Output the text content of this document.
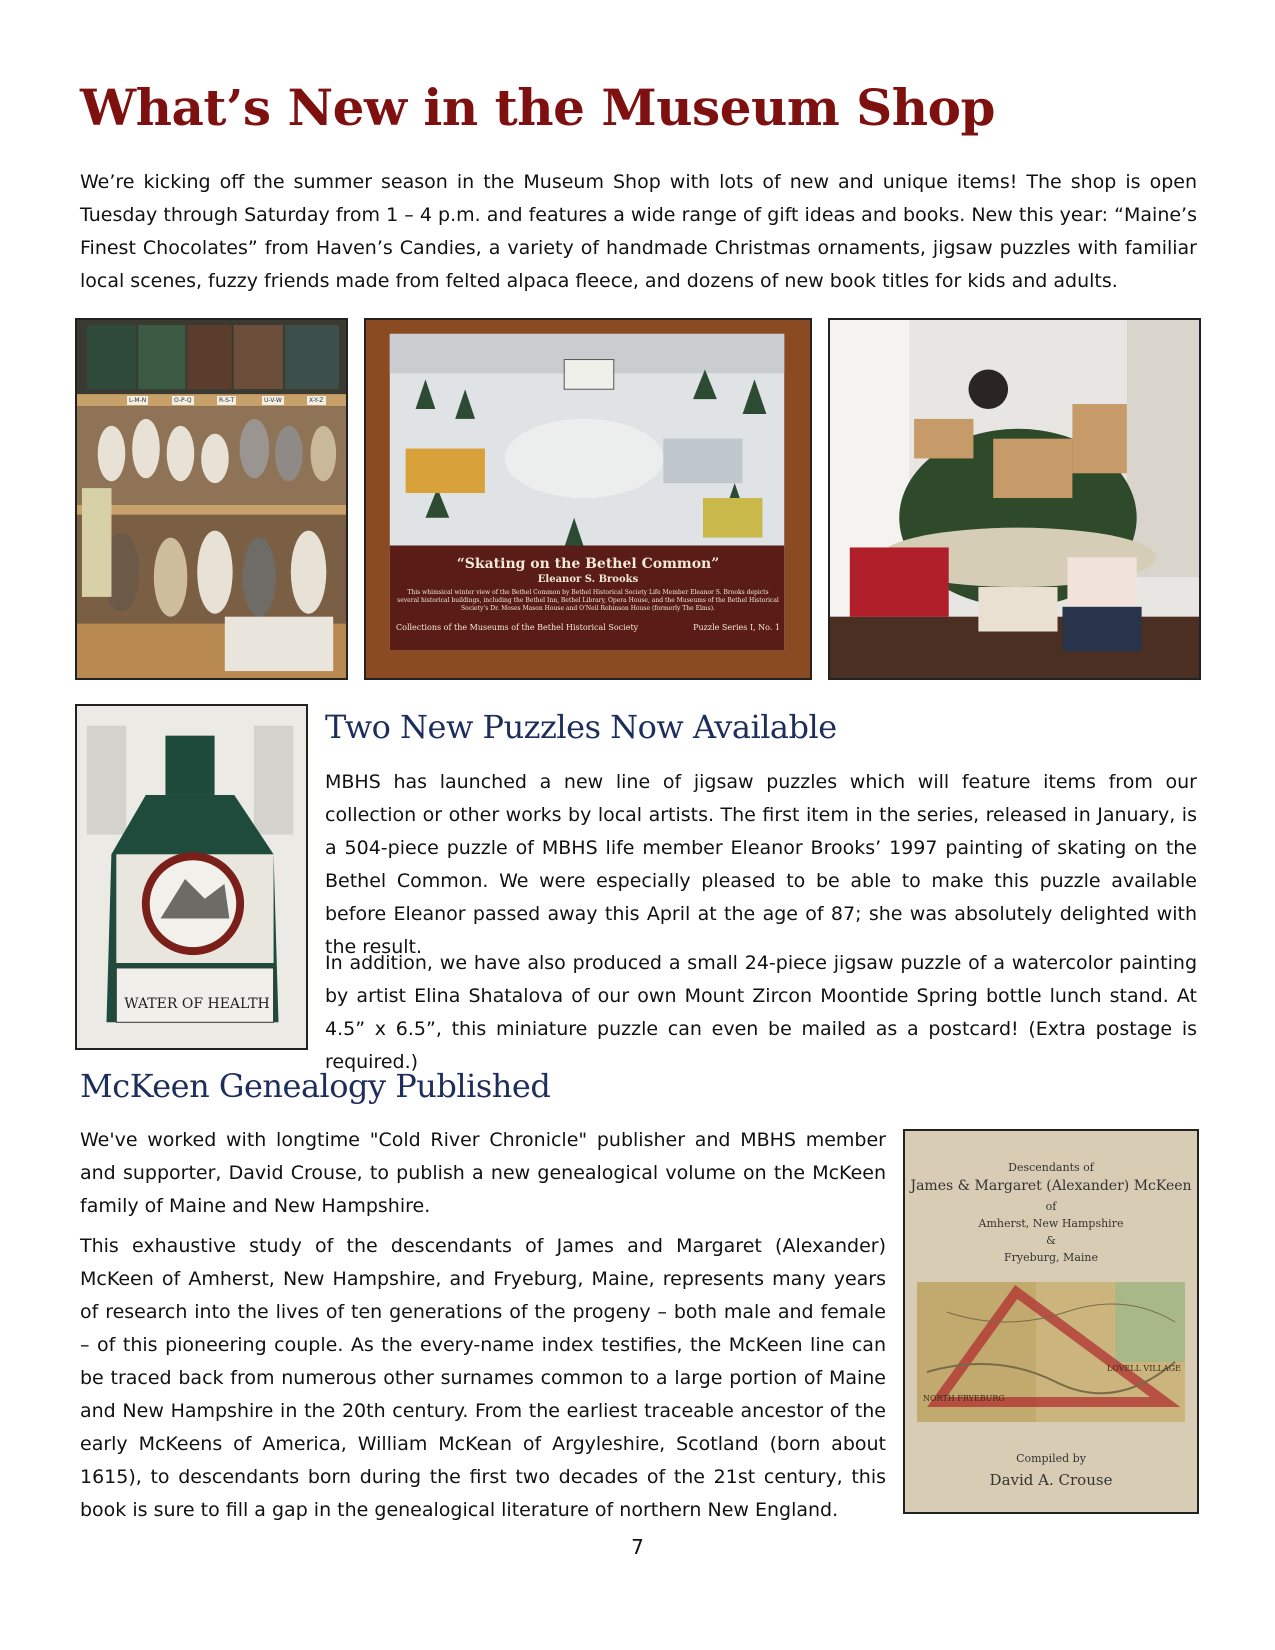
What’s New in the Museum Shop

We’re kicking off the summer season in the Museum Shop with lots of new and unique items! The shop is open Tuesday through Saturday from 1 – 4 p.m. and features a wide range of gift ideas and books. New this year: “Maine’s Finest Chocolates” from Haven’s Candies, a variety of handmade Christmas ornaments, jigsaw puzzles with familiar local scenes, fuzzy friends made from felted alpaca fleece, and dozens of new book titles for kids and adults.

L-M-N	O-P-Q	R-S-T	U-V-W	X-Y-Z
“Skating on the Bethel Common”
Eleanor S. Brooks
This whimsical winter view of the Bethel Common by Bethel Historical Society Life Member Eleanor S. Brooks depicts several historical buildings, including the Bethel Inn, Bethel Library, Opera House, and the Museums of the Bethel Historical Society’s Dr. Moses Mason House and O’Neil Robinson House (formerly The Elms).
Collections of the Museums of the Bethel Historical Society	Puzzle Series I, No. 1
WATER OF HEALTH
Two New Puzzles Now Available

MBHS has launched a new line of jigsaw puzzles which will feature items from our collection or other works by local artists. The first item in the series, released in January, is a 504-piece puzzle of MBHS life member Eleanor Brooks’ 1997 painting of skating on the Bethel Common. We were especially pleased to be able to make this puzzle available before Eleanor passed away this April at the age of 87; she was absolutely delighted with the result.

In addition, we have also produced a small 24-piece jigsaw puzzle of a watercolor painting by artist Elina Shatalova of our own Mount Zircon Moontide Spring bottle lunch stand. At 4.5” x 6.5”, this miniature puzzle can even be mailed as a postcard! (Extra postage is required.)

McKeen Genealogy Published

We've worked with longtime "Cold River Chronicle" publisher and MBHS member and supporter, David Crouse, to publish a new genealogical volume on the McKeen family of Maine and New Hampshire.

This exhaustive study of the descendants of James and Margaret (Alexander) McKeen of Amherst, New Hampshire, and Fryeburg, Maine, represents many years of research into the lives of ten generations of the progeny – both male and female – of this pioneering couple. As the every-name index testifies, the McKeen line can be traced back from numerous other surnames common to a large portion of Maine and New Hampshire in the 20th century. From the earliest traceable ancestor of the early McKeens of America, William McKean of Argyleshire, Scotland (born about 1615), to descendants born during the first two decades of the 21st century, this book is sure to fill a gap in the genealogical literature of northern New England.

Descendants of
James & Margaret (Alexander) McKeen
of
Amherst, New Hampshire
&
Fryeburg, Maine
LOVELL VILLAGE
NORTH FRYEBURG
Compiled by
David A. Crouse
7
